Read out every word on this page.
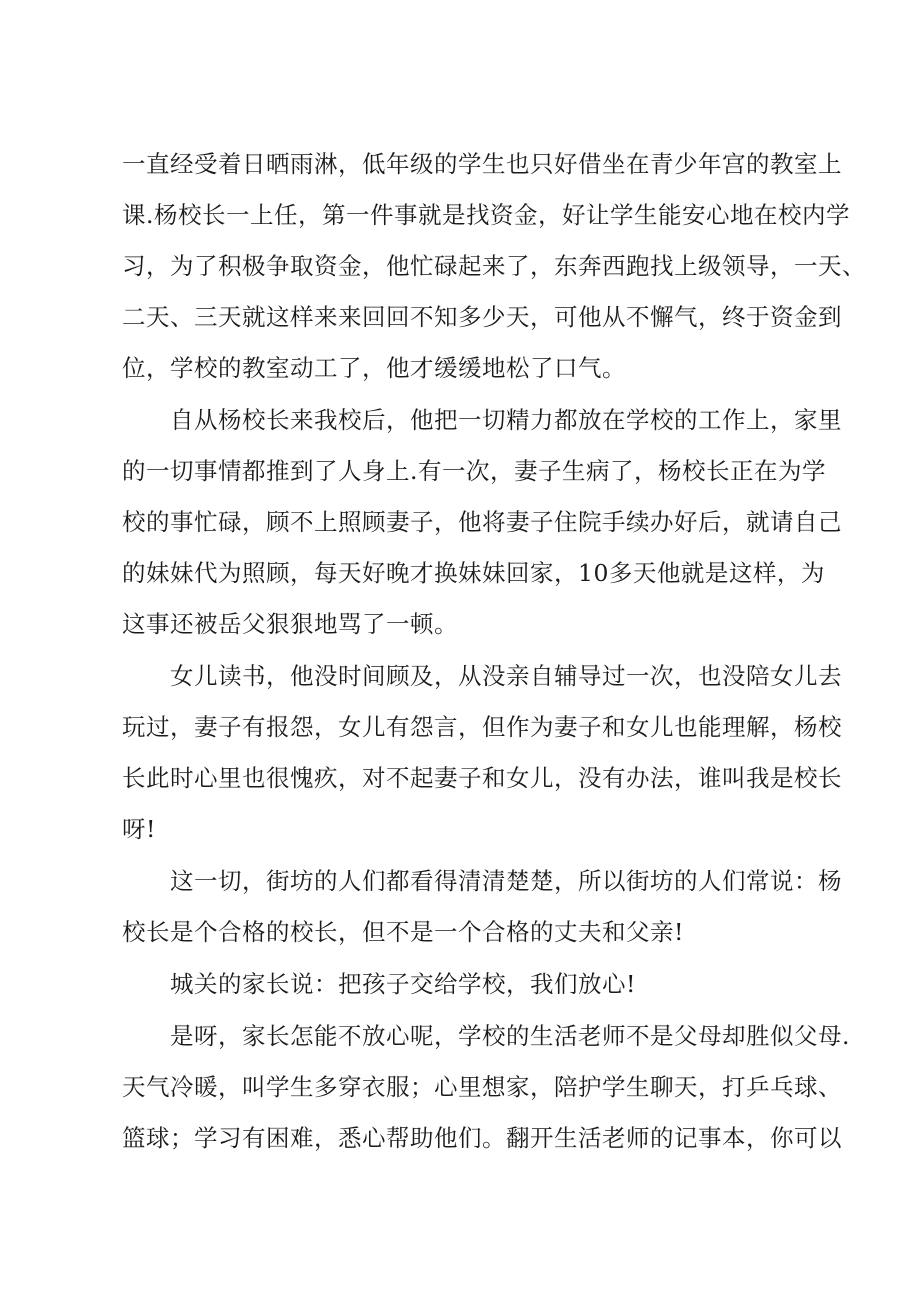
一直经受着日晒雨淋，低年级的学生也只好借坐在青少年宫的教室上
课.杨校长一上任，第一件事就是找资金，好让学生能安心地在校内学
习，为了积极争取资金，他忙碌起来了，东奔西跑找上级领导，一天、
二天、三天就这样来来回回不知多少天，可他从不懈气，终于资金到
位，学校的教室动工了，他才缓缓地松了口气。
自从杨校长来我校后，他把一切精力都放在学校的工作上，家里
的一切事情都推到了人身上.有一次，妻子生病了，杨校长正在为学
校的事忙碌，顾不上照顾妻子，他将妻子住院手续办好后，就请自己
的妹妹代为照顾，每天好晚才换妹妹回家，10多天他就是这样，为
这事还被岳父狠狠地骂了一顿。
女儿读书，他没时间顾及，从没亲自辅导过一次，也没陪女儿去
玩过，妻子有报怨，女儿有怨言，但作为妻子和女儿也能理解，杨校
长此时心里也很愧疚，对不起妻子和女儿，没有办法，谁叫我是校长
呀!
这一切，街坊的人们都看得清清楚楚，所以街坊的人们常说：杨
校长是个合格的校长，但不是一个合格的丈夫和父亲!
城关的家长说：把孩子交给学校，我们放心!
是呀，家长怎能不放心呢，学校的生活老师不是父母却胜似父母.
天气冷暖，叫学生多穿衣服；心里想家，陪护学生聊天，打乒乓球、
篮球；学习有困难，悉心帮助他们。翻开生活老师的记事本，你可以
